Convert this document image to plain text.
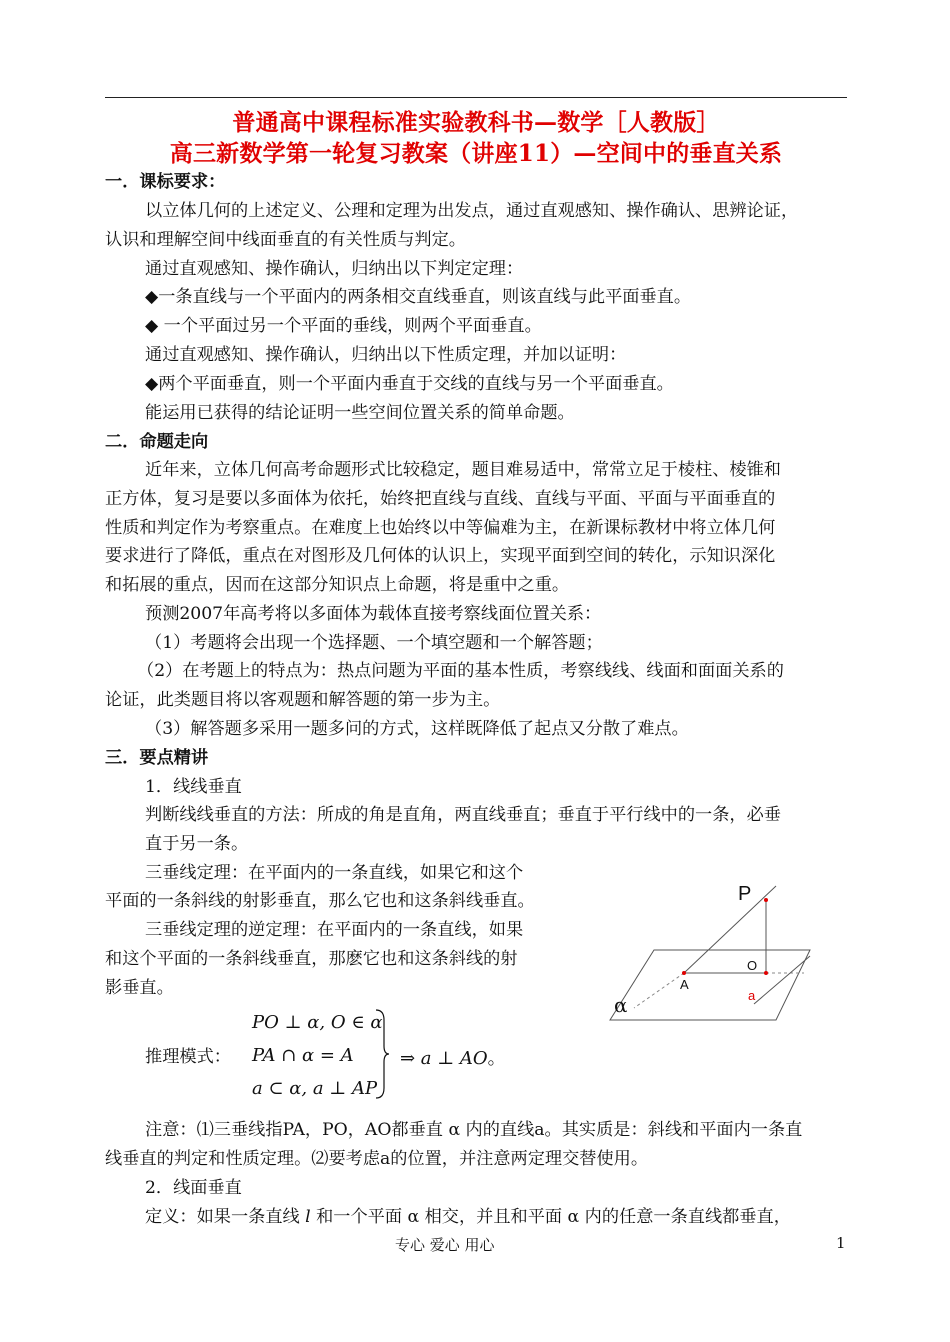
普通高中课程标准实验教科书—数学［人教版］
高三新数学第一轮复习教案（讲座11）—空间中的垂直关系
一．课标要求：
以立体几何的上述定义、公理和定理为出发点，通过直观感知、操作确认、思辨论证，
认识和理解空间中线面垂直的有关性质与判定。
通过直观感知、操作确认，归纳出以下判定定理：
◆一条直线与一个平面内的两条相交直线垂直，则该直线与此平面垂直。
◆ 一个平面过另一个平面的垂线，则两个平面垂直。
通过直观感知、操作确认，归纳出以下性质定理，并加以证明：
◆两个平面垂直，则一个平面内垂直于交线的直线与另一个平面垂直。
能运用已获得的结论证明一些空间位置关系的简单命题。
二．命题走向
近年来，立体几何高考命题形式比较稳定，题目难易适中，常常立足于棱柱、棱锥和
正方体，复习是要以多面体为依托，始终把直线与直线、直线与平面、平面与平面垂直的
性质和判定作为考察重点。在难度上也始终以中等偏难为主，在新课标教材中将立体几何
要求进行了降低，重点在对图形及几何体的认识上，实现平面到空间的转化，示知识深化
和拓展的重点，因而在这部分知识点上命题，将是重中之重。
预测2007年高考将以多面体为载体直接考察线面位置关系：
（1）考题将会出现一个选择题、一个填空题和一个解答题；
（2）在考题上的特点为：热点问题为平面的基本性质，考察线线、线面和面面关系的
论证，此类题目将以客观题和解答题的第一步为主。
（3）解答题多采用一题多问的方式，这样既降低了起点又分散了难点。
三．要点精讲
1．线线垂直
判断线线垂直的方法：所成的角是直角，两直线垂直；垂直于平行线中的一条，必垂
直于另一条。
三垂线定理：在平面内的一条直线，如果它和这个
平面的一条斜线的射影垂直，那么它也和这条斜线垂直。
三垂线定理的逆定理：在平面内的一条直线，如果
和这个平面的一条斜线垂直，那麽它也和这条斜线的射
影垂直。
P
O
A
a
α
推理模式：
PO ⊥ α, O ∈ α
PA ∩ α = A
a ⊂ α, a ⊥ AP
⇒ a ⊥ AO。
注意：⑴三垂线指PA，PO，AO都垂直 α 内的直线a。其实质是：斜线和平面内一条直
线垂直的判定和性质定理。⑵要考虑a的位置，并注意两定理交替使用。
2．线面垂直
定义：如果一条直线 l 和一个平面 α 相交，并且和平面 α 内的任意一条直线都垂直，
专心 爱心 用心	1
